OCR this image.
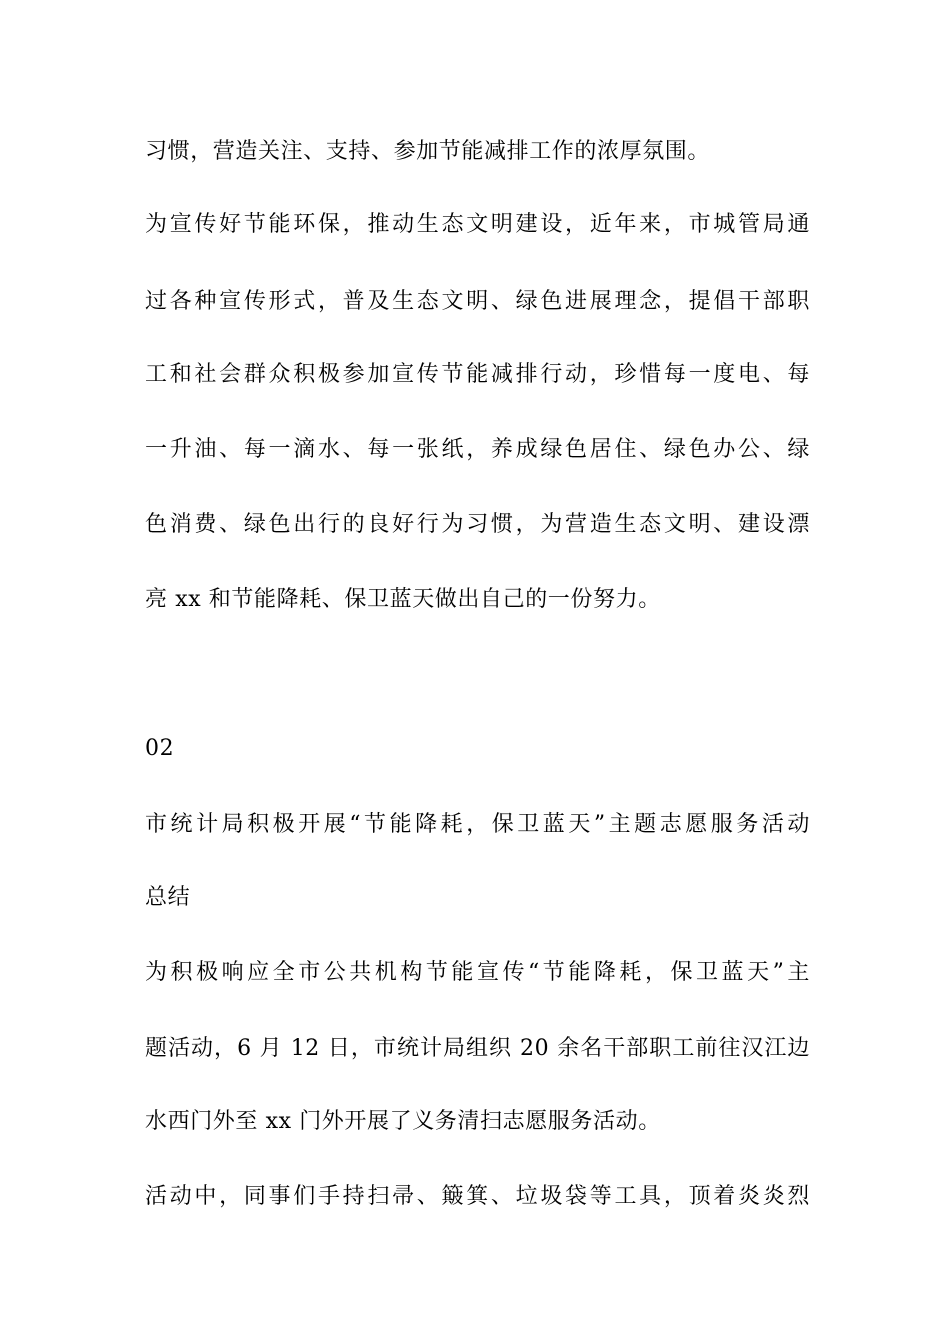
习惯，营造关注、支持、参加节能减排工作的浓厚氛围。
为宣传好节能环保，推动生态文明建设，近年来，市城管局通
过各种宣传形式，普及生态文明、绿色进展理念，提倡干部职
工和社会群众积极参加宣传节能减排行动，珍惜每一度电、每
一升油、每一滴水、每一张纸，养成绿色居住、绿色办公、绿
色消费、绿色出行的良好行为习惯，为营造生态文明、建设漂
亮 xx 和节能降耗、保卫蓝天做出自己的一份努力。
02
市统计局积极开展“节能降耗，保卫蓝天”主题志愿服务活动
总结
为积极响应全市公共机构节能宣传“节能降耗，保卫蓝天”主
题活动，6 月 12 日，市统计局组织 20 余名干部职工前往汉江边
水西门外至 xx 门外开展了义务清扫志愿服务活动。
活动中，同事们手持扫帚、簸箕、垃圾袋等工具，顶着炎炎烈
